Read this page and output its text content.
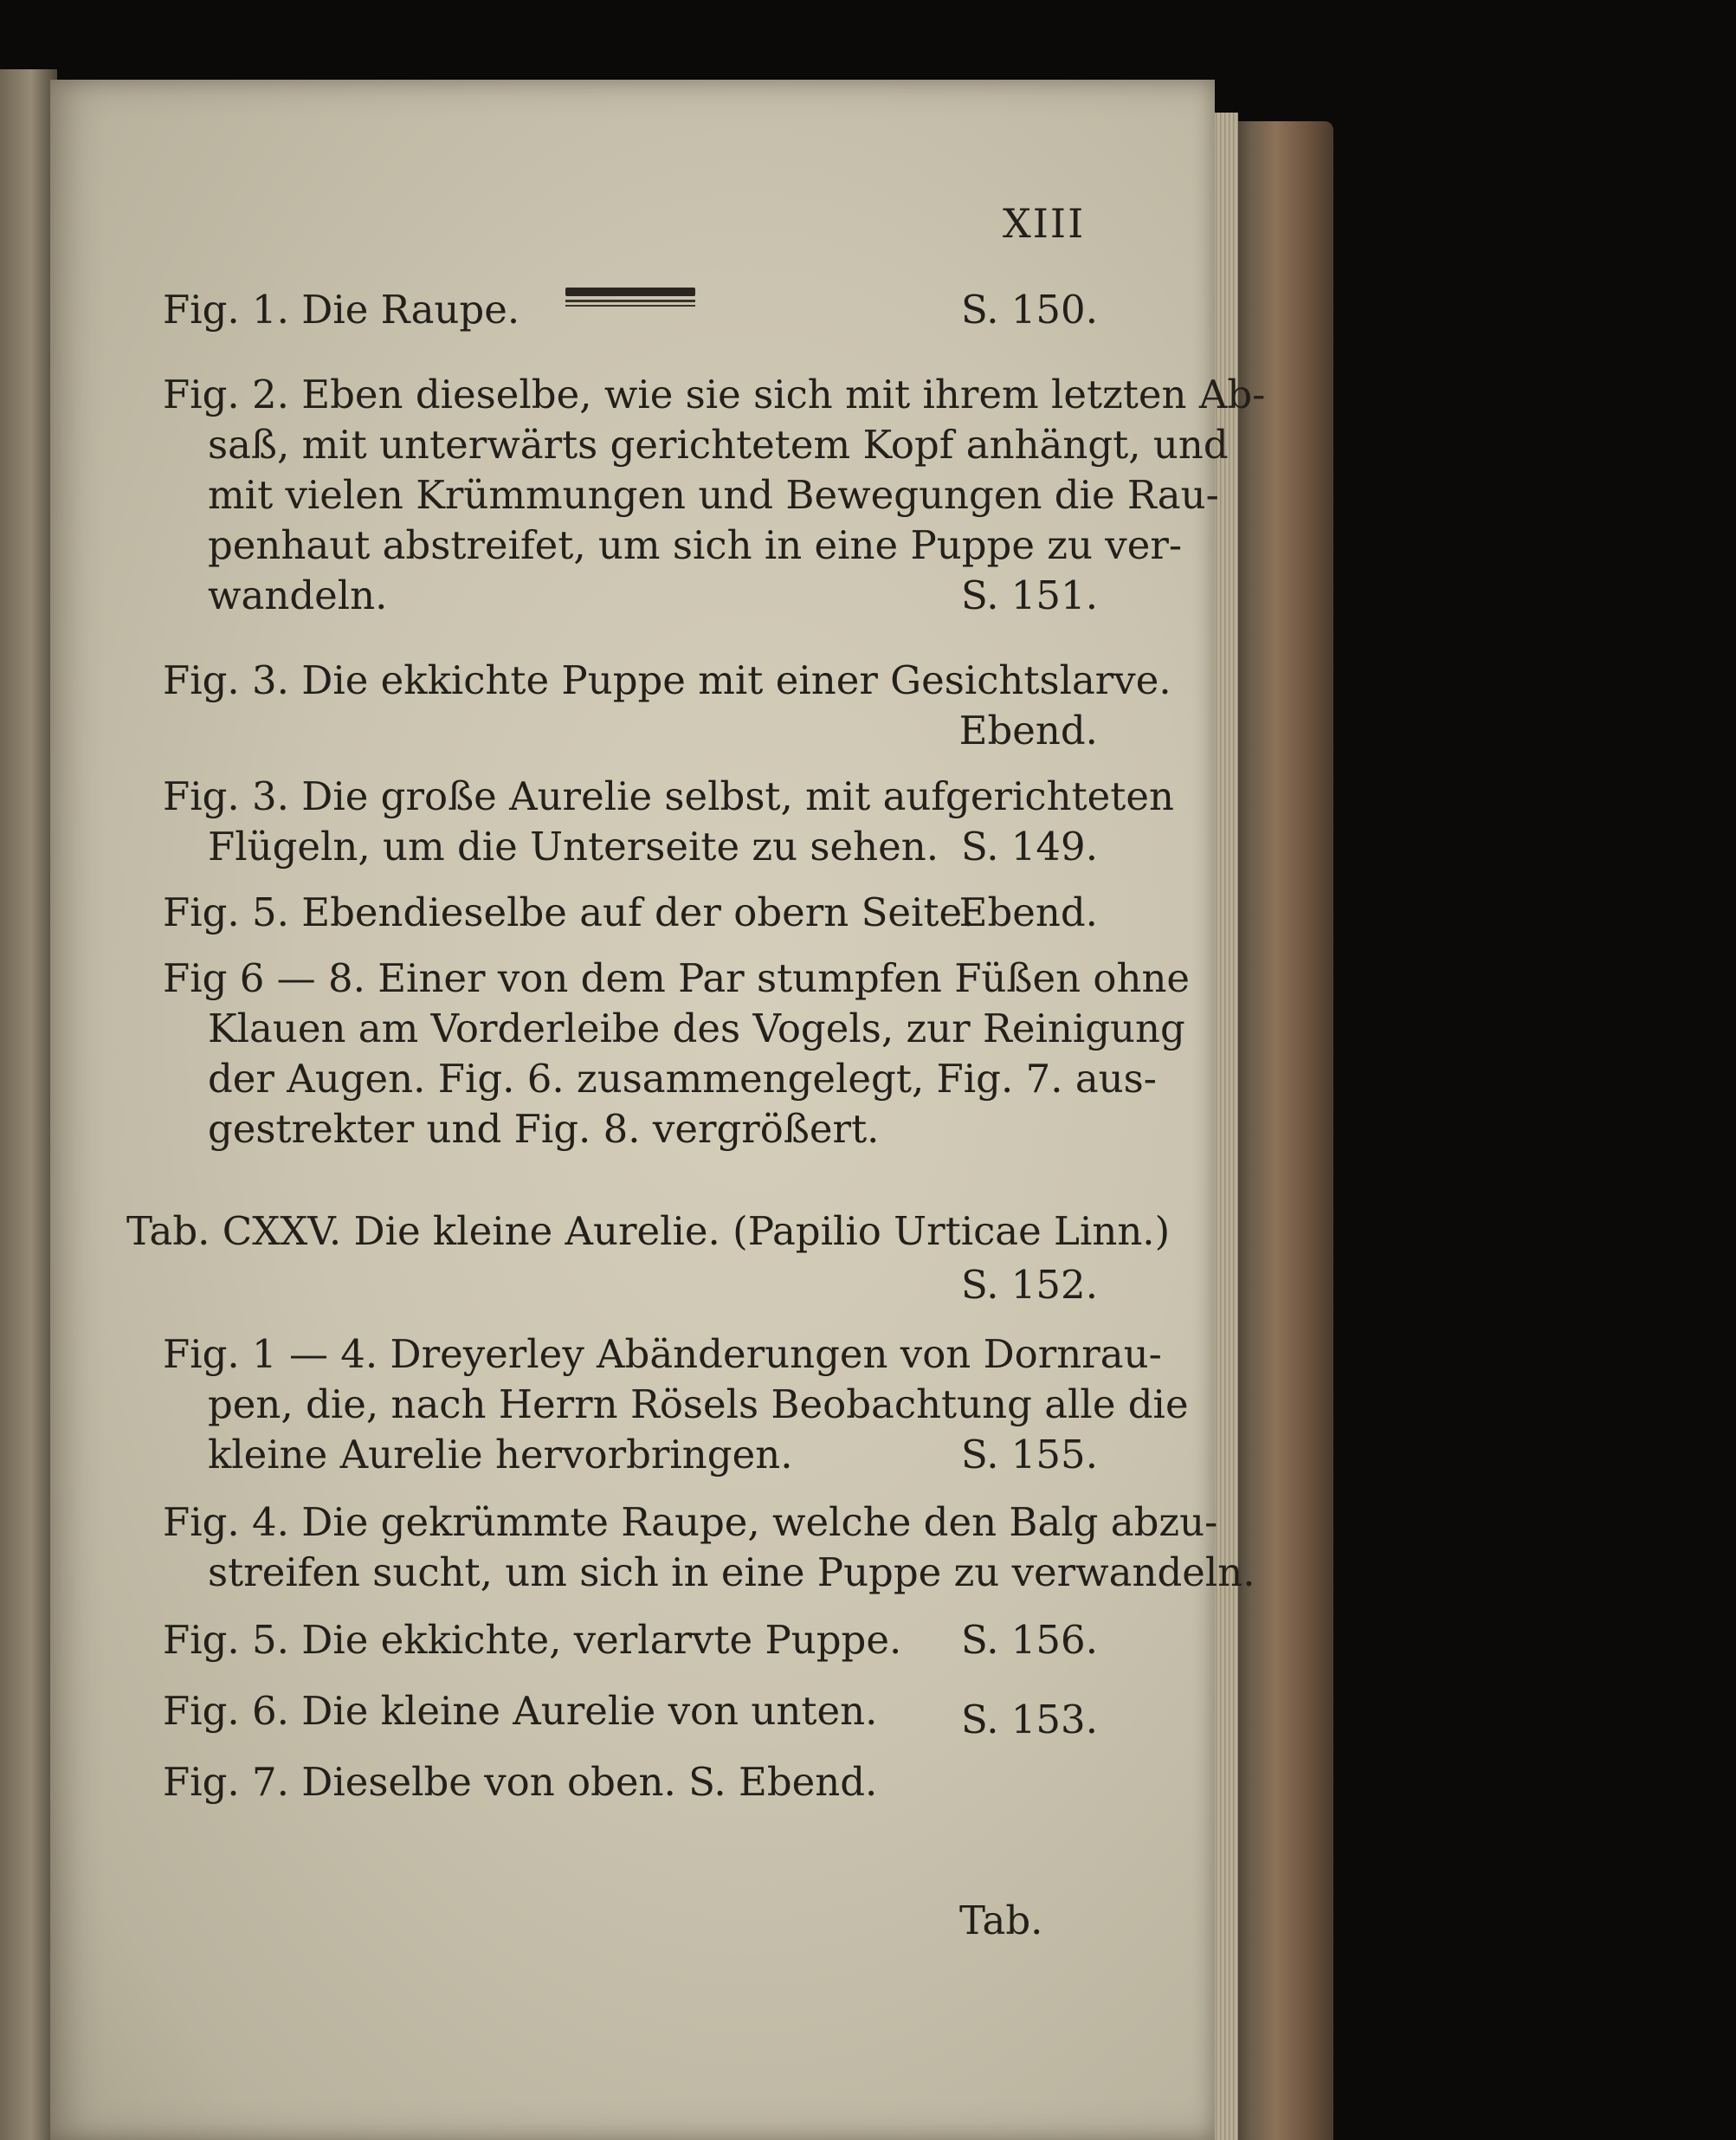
XIII
Fig. 1. Die Raupe.	S. 150.
Fig. 2. Eben dieselbe, wie sie sich mit ihrem letzten Ab-
saß, mit unterwärts gerichtetem Kopf anhängt, und
mit vielen Krümmungen und Bewegungen die Rau-
penhaut abstreifet, um sich in eine Puppe zu ver-
wandeln.	S. 151.
Fig. 3. Die ekkichte Puppe mit einer Gesichtslarve.
Ebend.
Fig. 3. Die große Aurelie selbst, mit aufgerichteten
Flügeln, um die Unterseite zu sehen. S. 149.
Fig. 5. Ebendieselbe auf der obern Seite.
Ebend.
Fig 6 — 8. Einer von dem Par stumpfen Füßen ohne
Klauen am Vorderleibe des Vogels, zur Reinigung
der Augen. Fig. 6. zusammengelegt, Fig. 7. aus-
gestrekter und Fig. 8. vergrößert.
Tab. CXXV. Die kleine Aurelie. (Papilio Urticae Linn.)
S. 152.
Fig. 1 — 4. Dreyerley Abänderungen von Dornrau-
pen, die, nach Herrn Rösels Beobachtung alle die
kleine Aurelie hervorbringen.	S. 155.
Fig. 4. Die gekrümmte Raupe, welche den Balg abzu-
streifen sucht, um sich in eine Puppe zu verwandeln.
Fig. 5. Die ekkichte, verlarvte Puppe.	S. 156.
Fig. 6. Die kleine Aurelie von unten.	S. 153.
Fig. 7. Dieselbe von oben. S. Ebend.
Tab.
